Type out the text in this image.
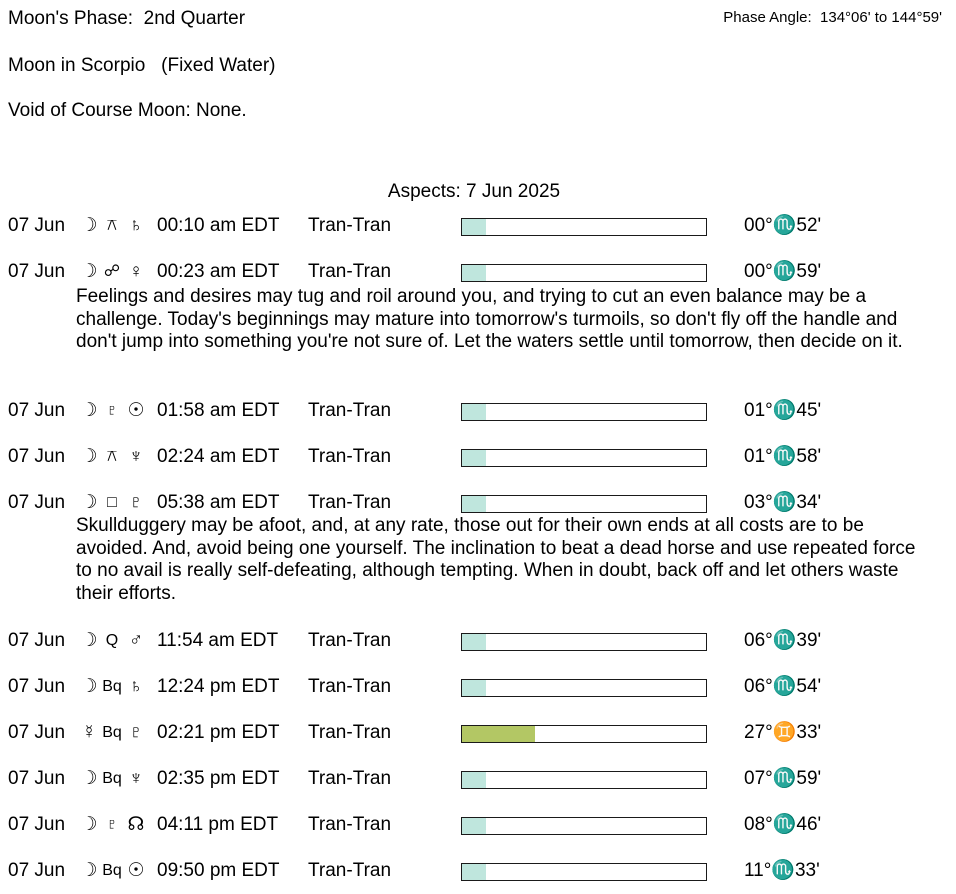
Moon's Phase:  2nd Quarter	Phase Angle:  134°06' to 144°59'
Moon in Scorpio   (Fixed Water)
Void of Course Moon: None.
Aspects: 7 Jun 2025
07 Jun ☽ ⚻ ♄ 00:10 am EDT Tran-Tran	00°♏52'
07 Jun ☽ ☍ ♀ 00:23 am EDT Tran-Tran	00°♏59'
Feelings and desires may tug and roil around you, and trying to cut an even balance may be a challenge. Today's beginnings may mature into tomorrow's turmoils, so don't fly off the handle and don't jump into something you're not sure of. Let the waters settle until tomorrow, then decide on it.
07 Jun ☽ ♇ ☉ 01:58 am EDT Tran-Tran	01°♏45'
07 Jun ☽ ⚻ ♆ 02:24 am EDT Tran-Tran	01°♏58'
07 Jun ☽ □ ♇ 05:38 am EDT Tran-Tran	03°♏34'
Skullduggery may be afoot, and, at any rate, those out for their own ends at all costs are to be avoided. And, avoid being one yourself. The inclination to beat a dead horse and use repeated force to no avail is really self-defeating, although tempting. When in doubt, back off and let others waste their efforts.
07 Jun ☽ Q ♂ 11:54 am EDT Tran-Tran	06°♏39'
07 Jun ☽ Bq ♄ 12:24 pm EDT Tran-Tran	06°♏54'
07 Jun ☿ Bq ♇ 02:21 pm EDT Tran-Tran	27°♊33'
07 Jun ☽ Bq ♆ 02:35 pm EDT Tran-Tran	07°♏59'
07 Jun ☽ ♇ ☊ 04:11 pm EDT Tran-Tran	08°♏46'
07 Jun ☽ Bq ☉ 09:50 pm EDT Tran-Tran	11°♏33'
